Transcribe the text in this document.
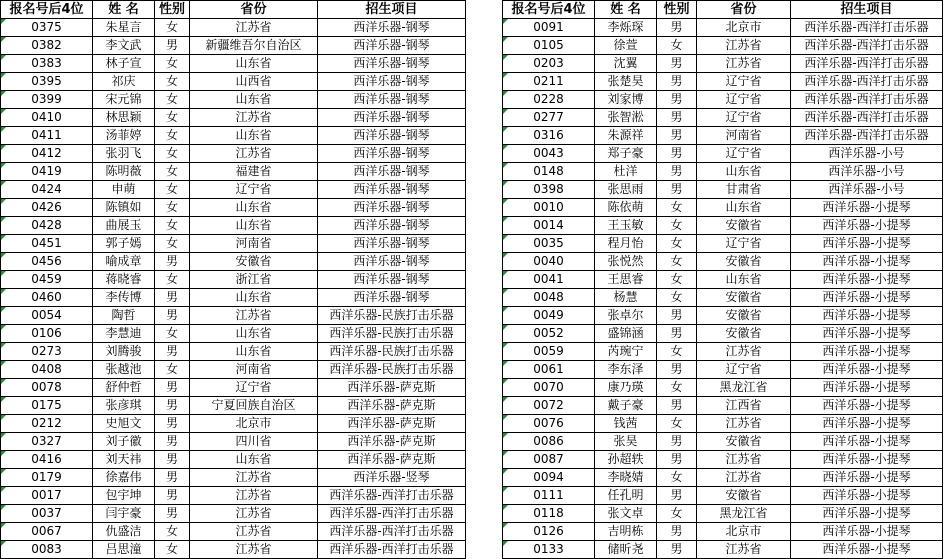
报名号后4位	姓 名	性别	省份	招生项目
0375	朱星言	女	江苏省	西洋乐器-钢琴
0382	李文武	男	新疆维吾尔自治区	西洋乐器-钢琴
0383	林子宣	女	山东省	西洋乐器-钢琴
0395	祁庆	女	山西省	西洋乐器-钢琴
0399	宋元锦	女	山东省	西洋乐器-钢琴
0410	林思颖	女	江苏省	西洋乐器-钢琴
0411	汤菲婷	女	山东省	西洋乐器-钢琴
0412	张羽飞	女	江苏省	西洋乐器-钢琴
0419	陈明薇	女	福建省	西洋乐器-钢琴
0424	申萌	女	辽宁省	西洋乐器-钢琴
0426	陈镇如	女	山东省	西洋乐器-钢琴
0428	曲展玉	女	山东省	西洋乐器-钢琴
0451	郭子嫣	女	河南省	西洋乐器-钢琴
0456	喻成章	男	安徽省	西洋乐器-钢琴
0459	蒋晓睿	女	浙江省	西洋乐器-钢琴
0460	李传博	男	山东省	西洋乐器-钢琴
0054	陶哲	男	江苏省	西洋乐器-民族打击乐器
0106	李慧迪	女	山东省	西洋乐器-民族打击乐器
0273	刘腾骏	男	山东省	西洋乐器-民族打击乐器
0408	张越池	女	河南省	西洋乐器-民族打击乐器
0078	舒仲哲	男	辽宁省	西洋乐器-萨克斯
0175	张彦琪	男	宁夏回族自治区	西洋乐器-萨克斯
0212	史旭文	男	北京市	西洋乐器-萨克斯
0327	刘子徽	男	四川省	西洋乐器-萨克斯
0416	刘天祎	男	山东省	西洋乐器-萨克斯
0179	徐嘉伟	男	江苏省	西洋乐器-竖琴
0017	包宇坤	男	江苏省	西洋乐器-西洋打击乐器
0037	闫宇豪	男	江苏省	西洋乐器-西洋打击乐器
0067	仇盛洁	女	江苏省	西洋乐器-西洋打击乐器
0083	吕思潼	女	江苏省	西洋乐器-西洋打击乐器
报名号后4位	姓 名	性别	省份	招生项目
0091	李烁琛	男	北京市	西洋乐器-西洋打击乐器
0105	徐萱	女	江苏省	西洋乐器-西洋打击乐器
0203	沈翼	男	江苏省	西洋乐器-西洋打击乐器
0211	张楚昊	男	辽宁省	西洋乐器-西洋打击乐器
0228	刘家博	男	辽宁省	西洋乐器-西洋打击乐器
0277	张智淞	男	辽宁省	西洋乐器-西洋打击乐器
0316	朱源祥	男	河南省	西洋乐器-西洋打击乐器
0043	郑子豪	男	辽宁省	西洋乐器-小号
0148	杜洋	男	山东省	西洋乐器-小号
0398	张思雨	男	甘肃省	西洋乐器-小号
0010	陈依萌	女	山东省	西洋乐器-小提琴
0014	王玉敏	女	安徽省	西洋乐器-小提琴
0035	程月怡	女	辽宁省	西洋乐器-小提琴
0040	张悦然	女	安徽省	西洋乐器-小提琴
0041	王思睿	女	山东省	西洋乐器-小提琴
0048	杨慧	女	安徽省	西洋乐器-小提琴
0049	张卓尔	男	安徽省	西洋乐器-小提琴
0052	盛锦涵	男	安徽省	西洋乐器-小提琴
0059	芮琬宁	女	江苏省	西洋乐器-小提琴
0061	李东泽	男	辽宁省	西洋乐器-小提琴
0070	康乃瑛	女	黑龙江省	西洋乐器-小提琴
0072	戴子豪	男	江西省	西洋乐器-小提琴
0076	钱茜	女	江苏省	西洋乐器-小提琴
0086	张昊	男	安徽省	西洋乐器-小提琴
0087	孙超轶	男	江苏省	西洋乐器-小提琴
0094	李晓婧	女	江苏省	西洋乐器-小提琴
0111	任孔明	男	安徽省	西洋乐器-小提琴
0118	张文卓	女	黑龙江省	西洋乐器-小提琴
0126	吉明栋	男	北京市	西洋乐器-小提琴
0133	储昕尧	男	江苏省	西洋乐器-小提琴
